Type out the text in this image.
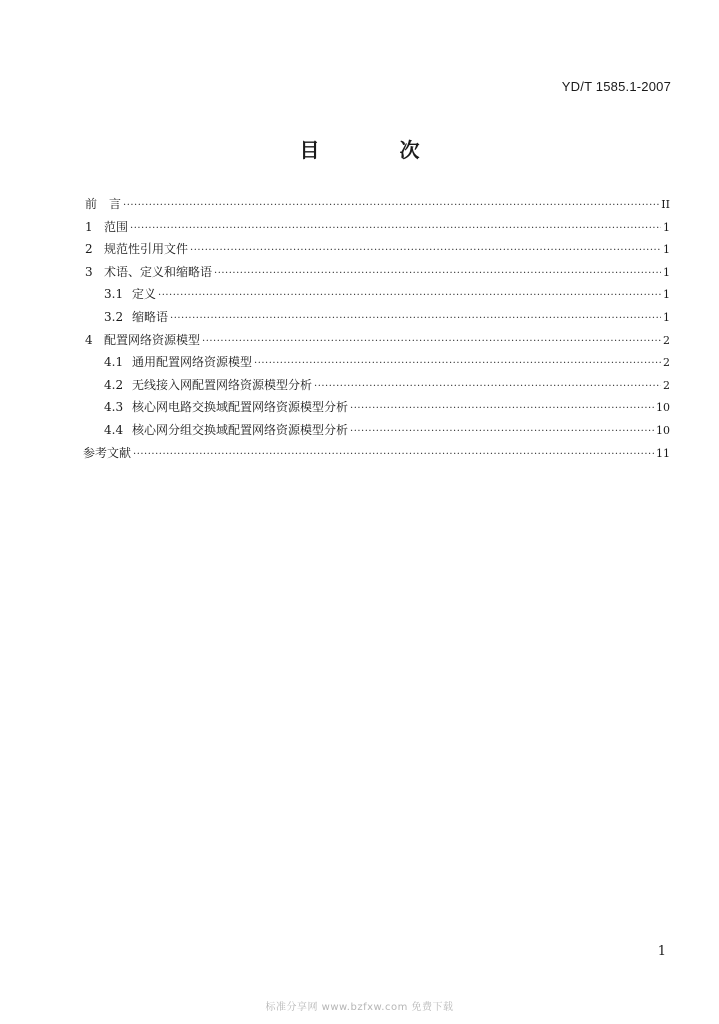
YD/T 1585.1-2007
目　次
前　言 ·····	II
1 范围 ·····	1
2 规范性引用文件 ·····	1
3 术语、定义和缩略语 ·····	1
3.1 定义 ·····	1
3.2 缩略语 ·····	1
4 配置网络资源模型 ·····	2
4.1 通用配置网络资源模型 ·····	2
4.2 无线接入网配置网络资源模型分析 ·····	2
4.3 核心网电路交换域配置网络资源模型分析 ·····	10
4.4 核心网分组交换域配置网络资源模型分析 ·····	10
参考文献 ·····	11
1
标准分享网 www.bzfxw.com 免费下载
